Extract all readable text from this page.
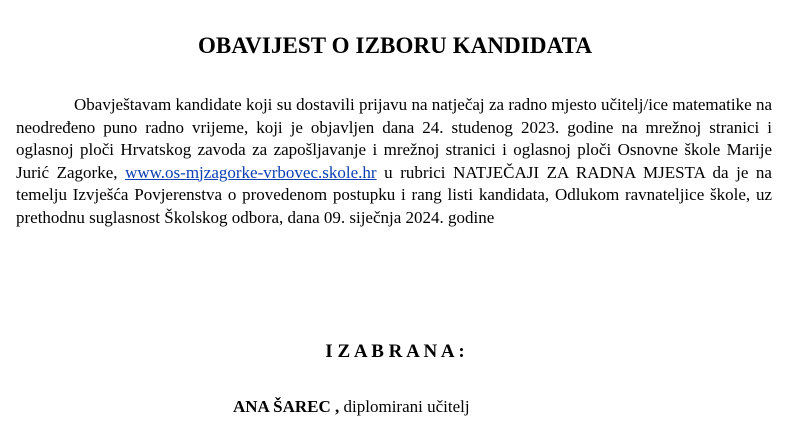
OBAVIJEST O IZBORU KANDIDATA

Obavještavam kandidate koji su dostavili prijavu na natječaj za radno mjesto učitelj/ice matematike na neodređeno puno radno vrijeme, koji je objavljen dana 24. studenog 2023. godine na mrežnoj stranici i oglasnoj ploči Hrvatskog zavoda za zapošljavanje i mrežnoj stranici i oglasnoj ploči Osnovne škole Marije Jurić Zagorke, www.os-mjzagorke-vrbovec.skole.hr u rubrici NATJEČAJI ZA RADNA MJESTA da je na temelju Izvješća Povjerenstva o provedenom postupku i rang listi kandidata, Odlukom ravnateljice škole, uz prethodnu suglasnost Školskog odbora, dana 09. siječnja 2024. godine

I Z A B R A N A :
ANA ŠAREC , diplomirani učitelj
